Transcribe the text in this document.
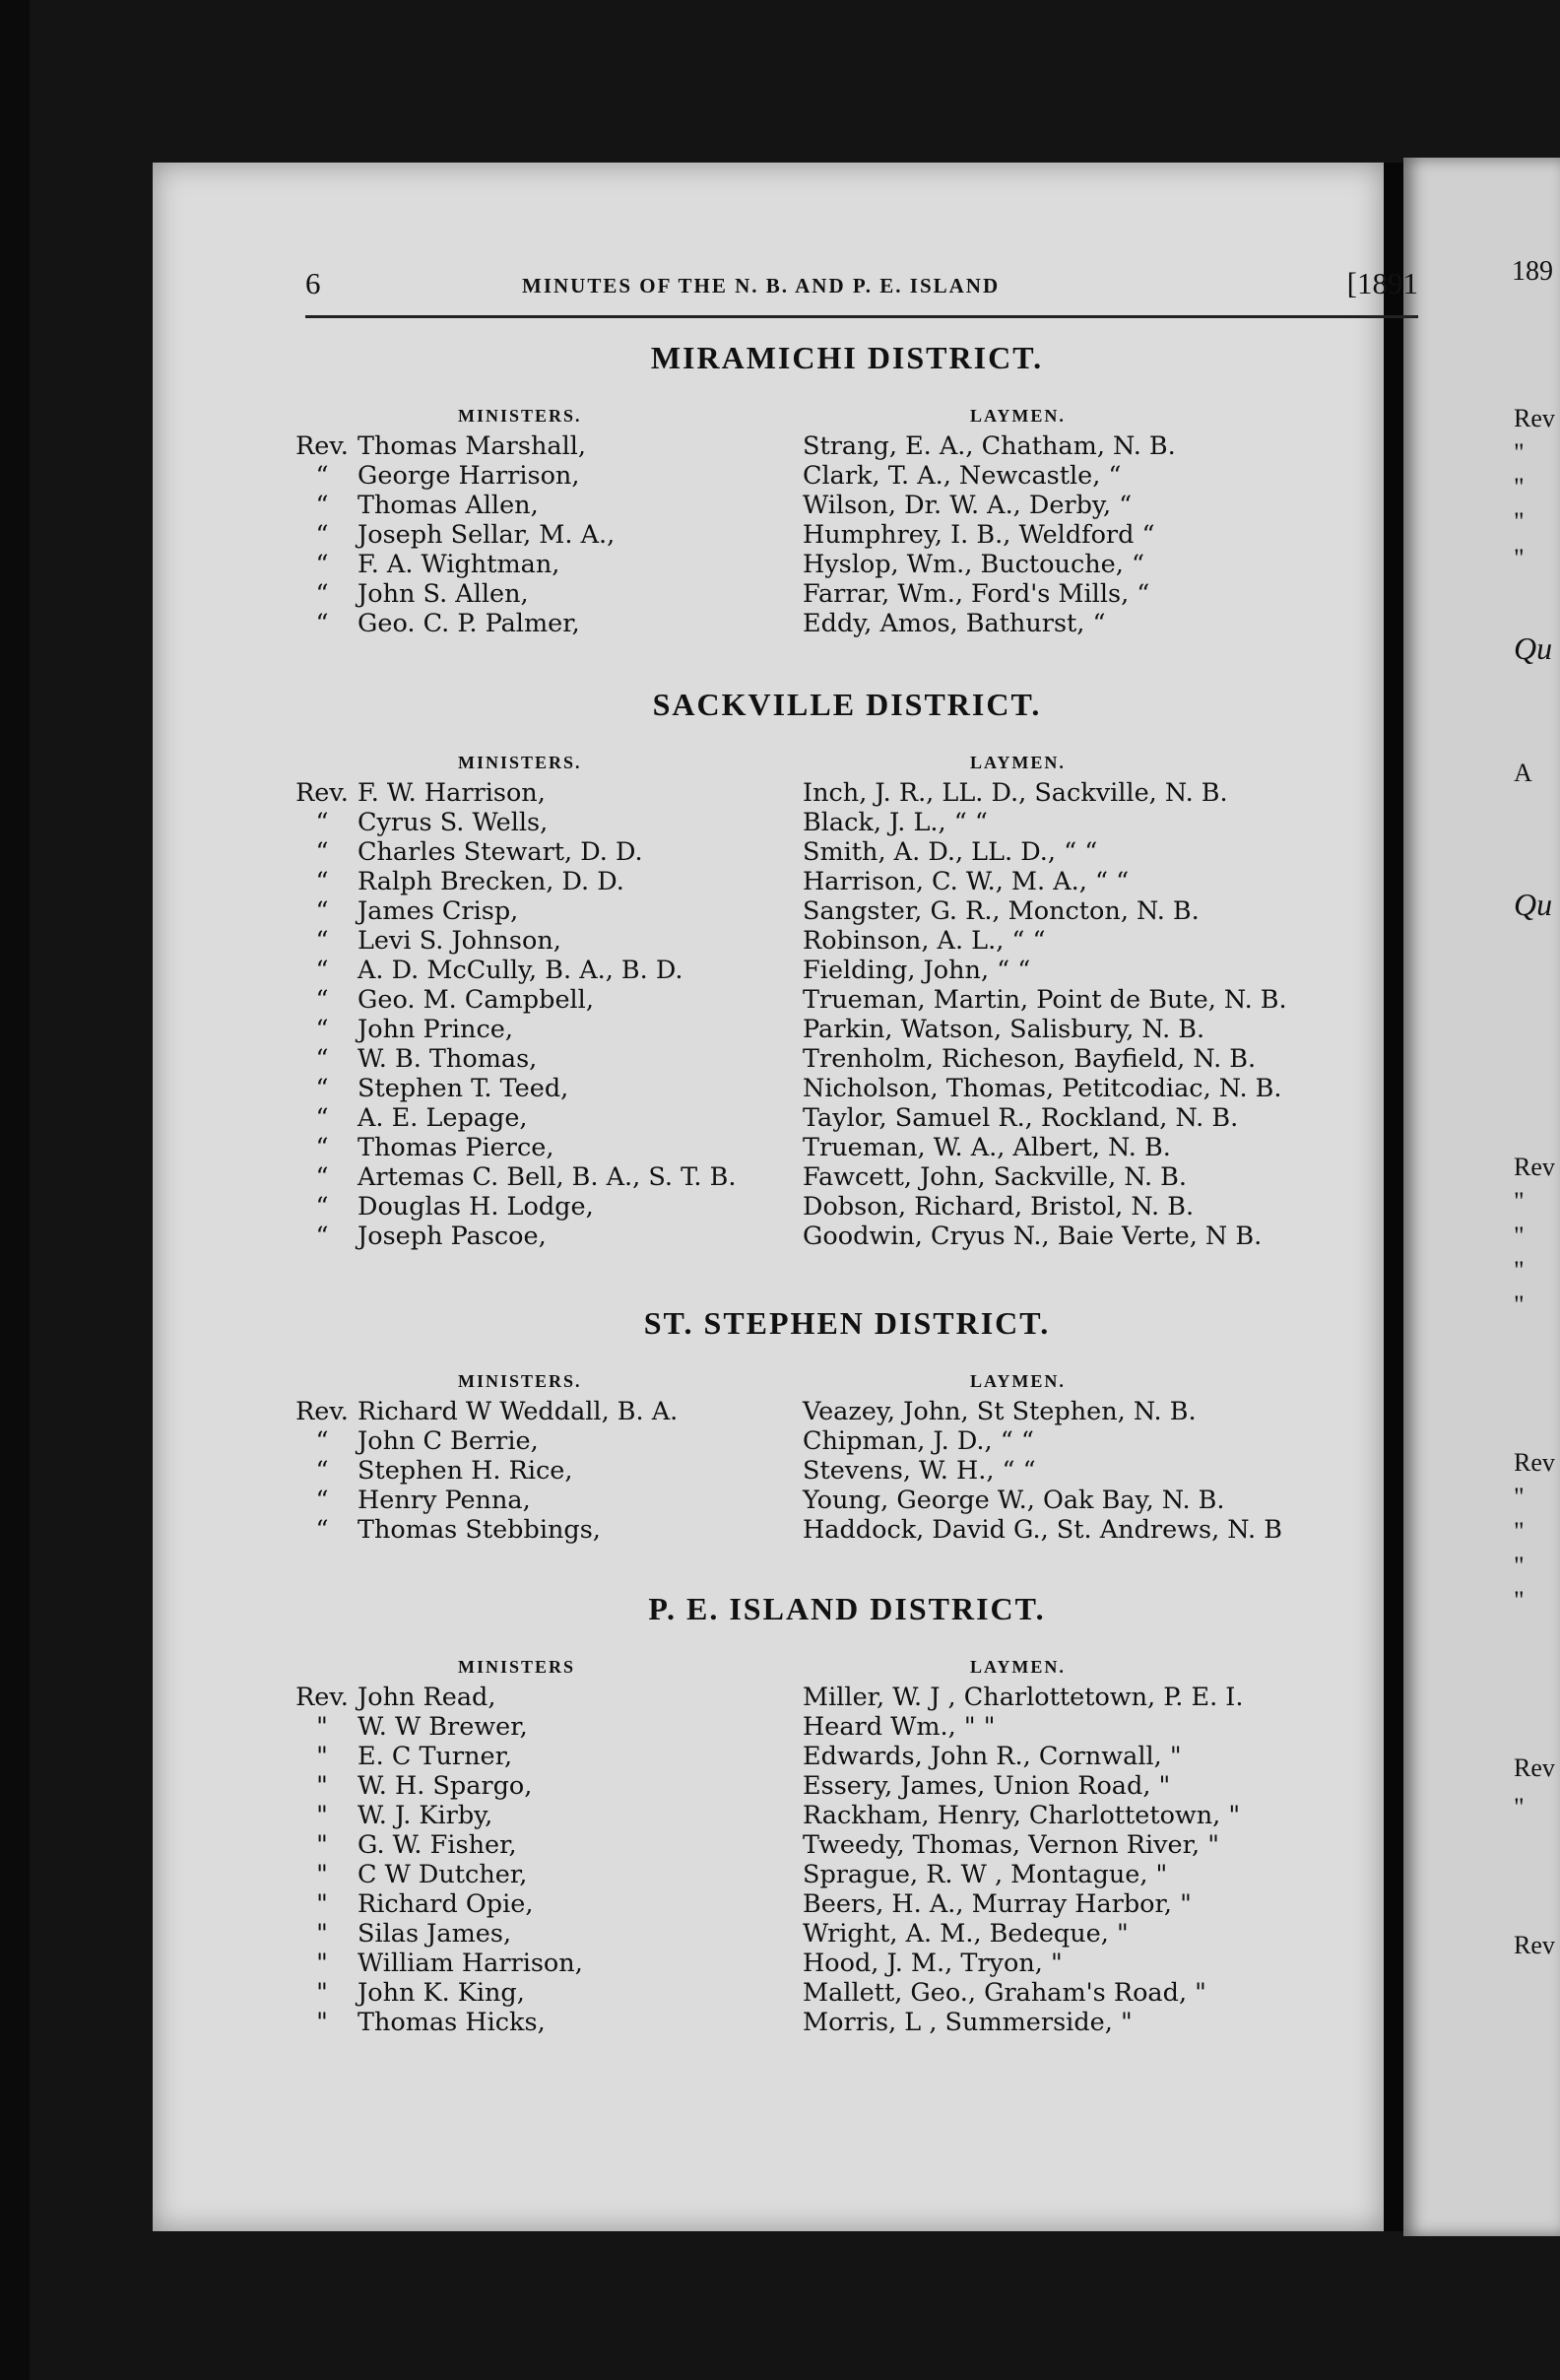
189
Rev
"
"
"
"
Qu
A
Qu
Rev
"
"
"
"
Rev
"
"
"
"
Rev
"
Rev
6	MINUTES OF THE N. B. AND P. E. ISLAND	[1891
MIRAMICHI DISTRICT.
MINISTERS.	LAYMEN.
Rev. Thomas Marshall,	Strang, E. A., Chatham, N. B.
“	George Harrison,	Clark, T. A., Newcastle, “
“	Thomas Allen,	Wilson, Dr. W. A., Derby, “
“	Joseph Sellar, M. A.,	Humphrey, I. B., Weldford “
“	F. A. Wightman,	Hyslop, Wm., Buctouche, “
“	John S. Allen,	Farrar, Wm., Ford's Mills, “
“	Geo. C. P. Palmer,	Eddy, Amos, Bathurst, “
SACKVILLE DISTRICT.
MINISTERS.	LAYMEN.
Rev. F. W. Harrison,	Inch, J. R., LL. D., Sackville, N. B.
“	Cyrus S. Wells,	Black, J. L., “ “
“	Charles Stewart, D. D.	Smith, A. D., LL. D., “ “
“	Ralph Brecken, D. D.	Harrison, C. W., M. A., “ “
“	James Crisp,	Sangster, G. R., Moncton, N. B.
“	Levi S. Johnson,	Robinson, A. L., “ “
“	A. D. McCully, B. A., B. D.	Fielding, John, “ “
“	Geo. M. Campbell,	Trueman, Martin, Point de Bute, N. B.
“	John Prince,	Parkin, Watson, Salisbury, N. B.
“	W. B. Thomas,	Trenholm, Richeson, Bayfield, N. B.
“	Stephen T. Teed,	Nicholson, Thomas, Petitcodiac, N. B.
“	A. E. Lepage,	Taylor, Samuel R., Rockland, N. B.
“	Thomas Pierce,	Trueman, W. A., Albert, N. B.
“	Artemas C. Bell, B. A., S. T. B.	Fawcett, John, Sackville, N. B.
“	Douglas H. Lodge,	Dobson, Richard, Bristol, N. B.
“	Joseph Pascoe,	Goodwin, Cryus N., Baie Verte, N B.
ST. STEPHEN DISTRICT.
MINISTERS.	LAYMEN.
Rev. Richard W Weddall, B. A.	Veazey, John, St Stephen, N. B.
“	John C Berrie,	Chipman, J. D., “ “
“	Stephen H. Rice,	Stevens, W. H., “ “
“	Henry Penna,	Young, George W., Oak Bay, N. B.
“	Thomas Stebbings,	Haddock, David G., St. Andrews, N. B
P. E. ISLAND DISTRICT.
MINISTERS	LAYMEN.
Rev. John Read,	Miller, W. J , Charlottetown, P. E. I.
"	W. W Brewer,	Heard Wm., " "
"	E. C Turner,	Edwards, John R., Cornwall, "
"	W. H. Spargo,	Essery, James, Union Road, "
"	W. J. Kirby,	Rackham, Henry, Charlottetown, "
"	G. W. Fisher,	Tweedy, Thomas, Vernon River, "
"	C W Dutcher,	Sprague, R. W , Montague, "
"	Richard Opie,	Beers, H. A., Murray Harbor, "
"	Silas James,	Wright, A. M., Bedeque, "
"	William Harrison,	Hood, J. M., Tryon, "
"	John K. King,	Mallett, Geo., Graham's Road, "
"	Thomas Hicks,	Morris, L , Summerside, "
